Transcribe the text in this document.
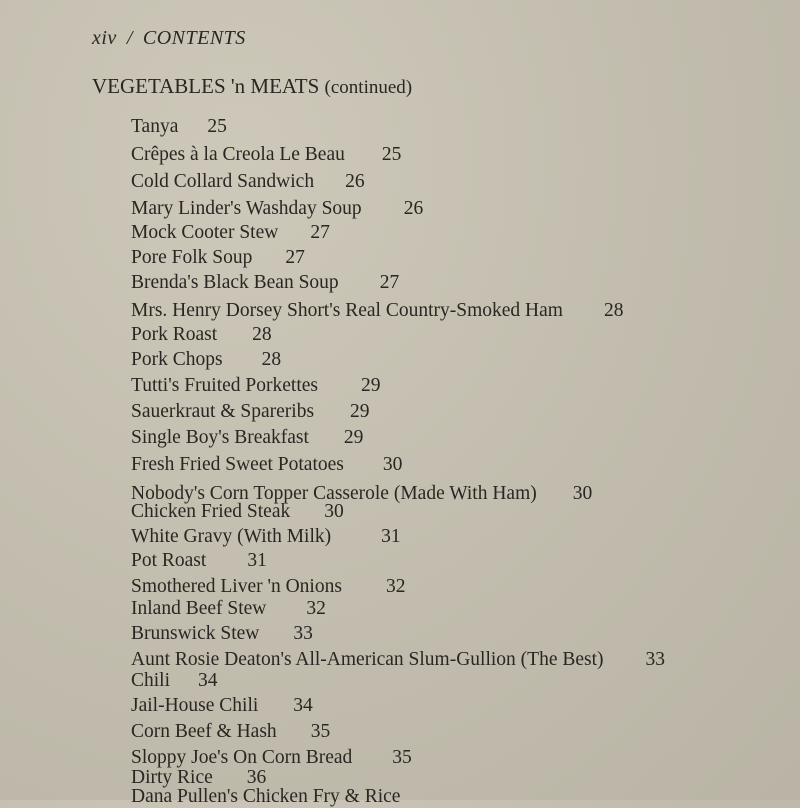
xiv / CONTENTS
VEGETABLES 'n MEATS (continued)
Dana Pullen's Chicken Fry & Rice
Tanya 25
Crêpes à la Creola Le Beau 25
Cold Collard Sandwich 26
Mary Linder's Washday Soup 26
Mock Cooter Stew 27
Pore Folk Soup 27
Brenda's Black Bean Soup 27
Mrs. Henry Dorsey Short's Real Country-Smoked Ham 28
Pork Roast 28
Pork Chops 28
Tutti's Fruited Porkettes 29
Sauerkraut & Spareribs 29
Single Boy's Breakfast 29
Fresh Fried Sweet Potatoes 30
Nobody's Corn Topper Casserole (Made With Ham) 30
Chicken Fried Steak 30
White Gravy (With Milk)	31
Pot Roast 31
Smothered Liver 'n Onions 32
Inland Beef Stew 32
Brunswick Stew 33
Aunt Rosie Deaton's All-American Slum-Gullion (The Best) 33
Chili 34
Jail-House Chili 34
Corn Beef & Hash 35
Sloppy Joe's On Corn Bread 35
Dirty Rice 36
